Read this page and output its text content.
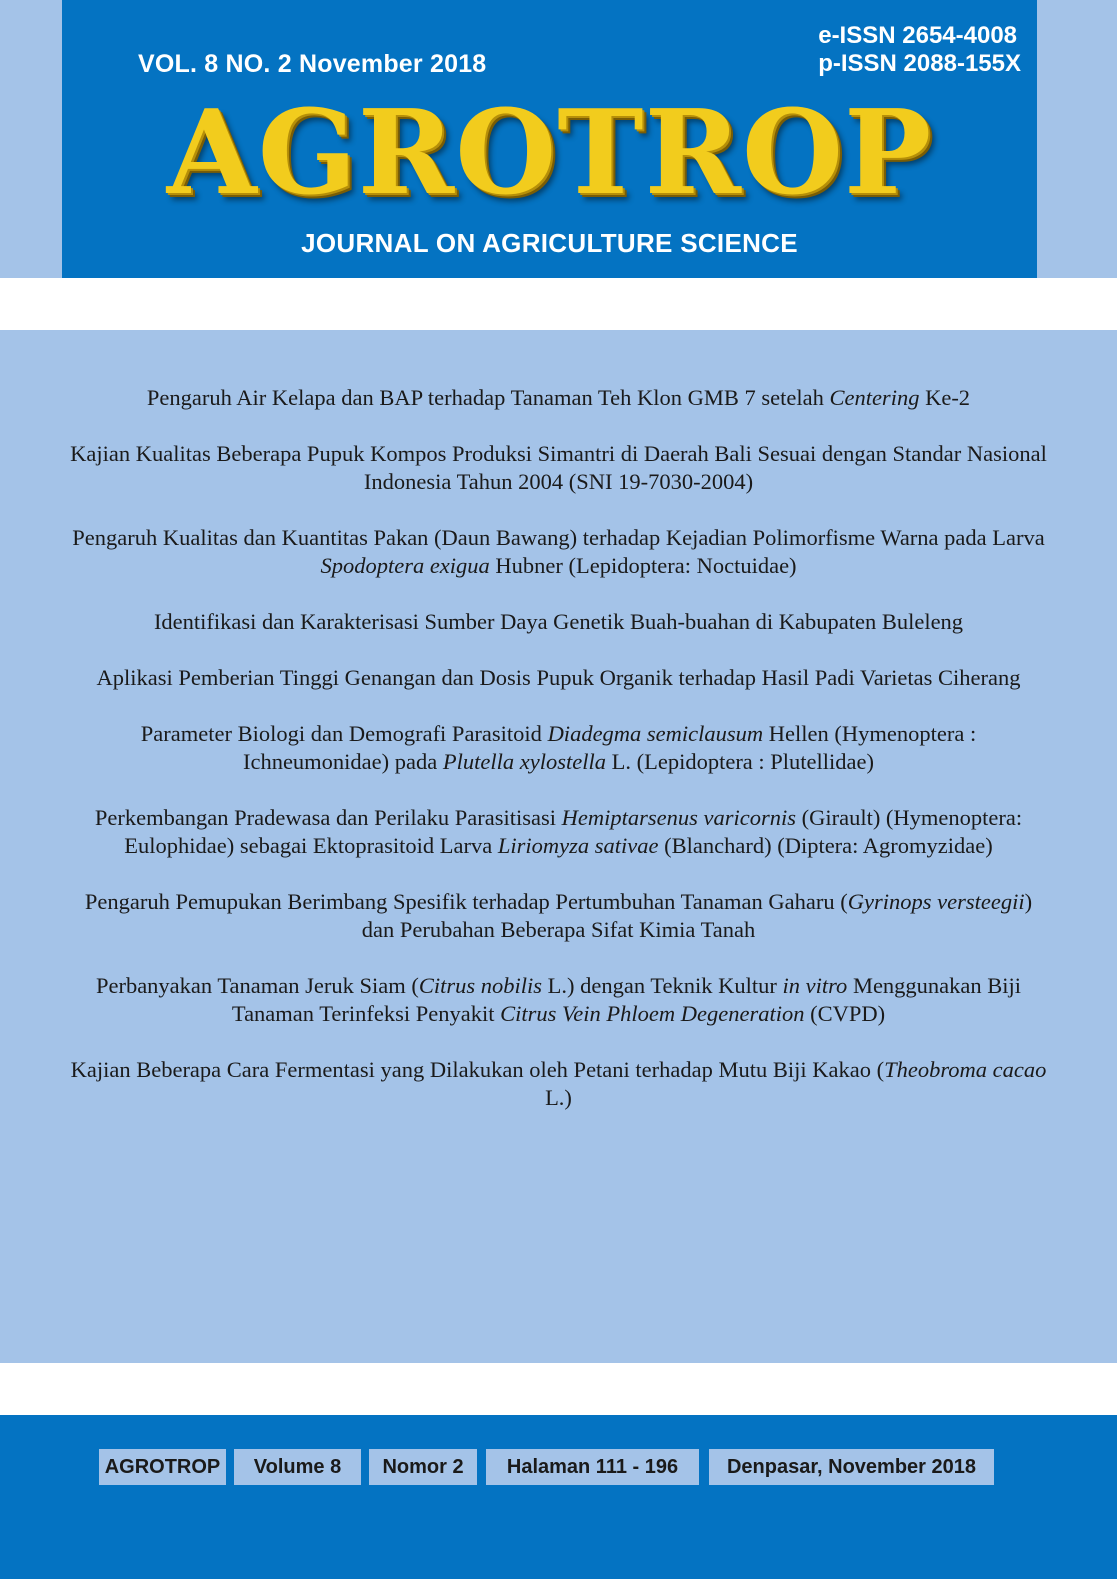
VOL. 8 NO. 2 November 2018
e-ISSN 2654-4008
p-ISSN 2088-155X
AGROTROP
JOURNAL ON AGRICULTURE SCIENCE
Pengaruh Air Kelapa dan BAP terhadap Tanaman Teh Klon GMB 7 setelah Centering Ke-2
Kajian Kualitas Beberapa Pupuk Kompos Produksi Simantri di Daerah Bali Sesuai dengan Standar Nasional Indonesia Tahun 2004 (SNI 19-7030-2004)
Pengaruh Kualitas dan Kuantitas Pakan (Daun Bawang) terhadap Kejadian Polimorfisme Warna pada Larva Spodoptera exigua Hubner (Lepidoptera: Noctuidae)
Identifikasi dan Karakterisasi Sumber Daya Genetik Buah-buahan di Kabupaten Buleleng
Aplikasi Pemberian Tinggi Genangan dan Dosis Pupuk Organik terhadap Hasil Padi Varietas Ciherang
Parameter Biologi dan Demografi Parasitoid Diadegma semiclausum Hellen (Hymenoptera : Ichneumonidae) pada Plutella xylostella L. (Lepidoptera : Plutellidae)
Perkembangan Pradewasa dan Perilaku Parasitisasi Hemiptarsenus varicornis (Girault) (Hymenoptera: Eulophidae) sebagai Ektoprasitoid Larva Liriomyza sativae (Blanchard) (Diptera: Agromyzidae)
Pengaruh Pemupukan Berimbang Spesifik terhadap Pertumbuhan Tanaman Gaharu (Gyrinops versteegii) dan Perubahan Beberapa Sifat Kimia Tanah
Perbanyakan Tanaman Jeruk Siam (Citrus nobilis L.) dengan Teknik Kultur in vitro Menggunakan Biji Tanaman Terinfeksi Penyakit Citrus Vein Phloem Degeneration (CVPD)
Kajian Beberapa Cara Fermentasi yang Dilakukan oleh Petani terhadap Mutu Biji Kakao (Theobroma cacao L.)
AGROTROP	Volume 8	Nomor 2	Halaman 111 - 196	Denpasar, November 2018
